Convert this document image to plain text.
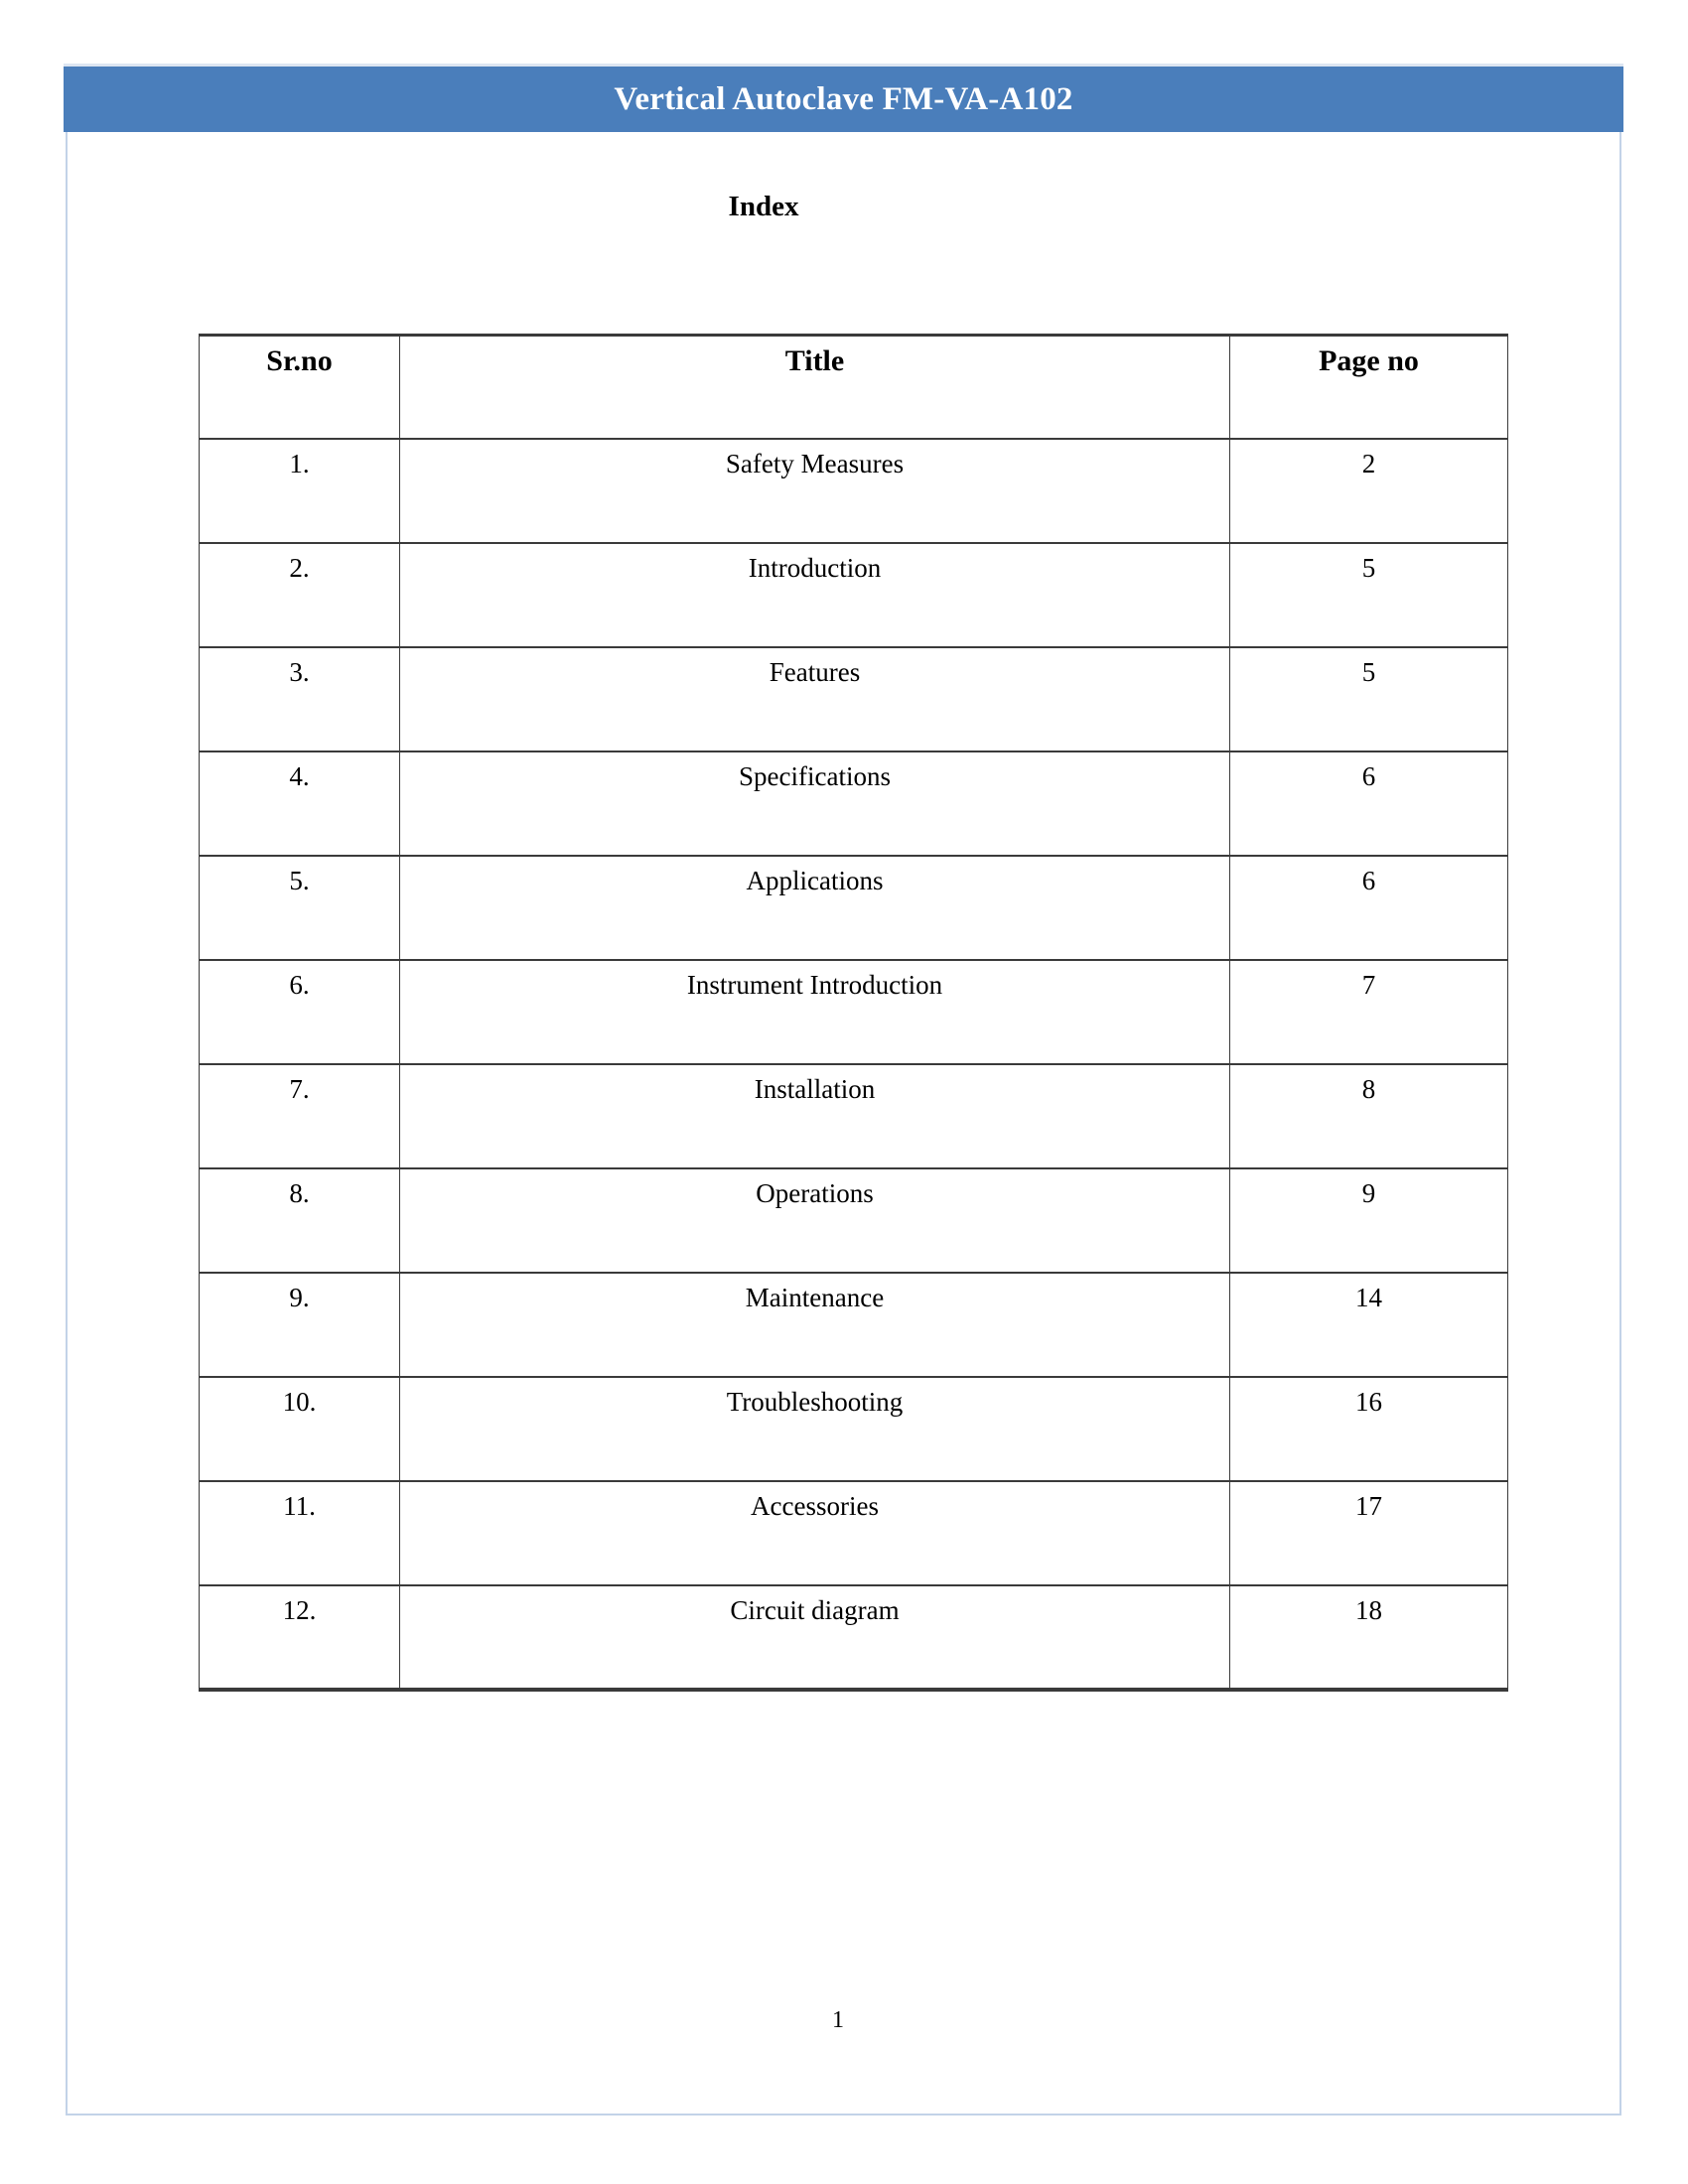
Vertical Autoclave FM-VA-A102
Index
Sr.no	Title	Page no
1.	Safety Measures	2
2.	Introduction	5
3.	Features	5
4.	Specifications	6
5.	Applications	6
6.	Instrument Introduction	7
7.	Installation	8
8.	Operations	9
9.	Maintenance	14
10.	Troubleshooting	16
11.	Accessories	17
12.	Circuit diagram	18
1
